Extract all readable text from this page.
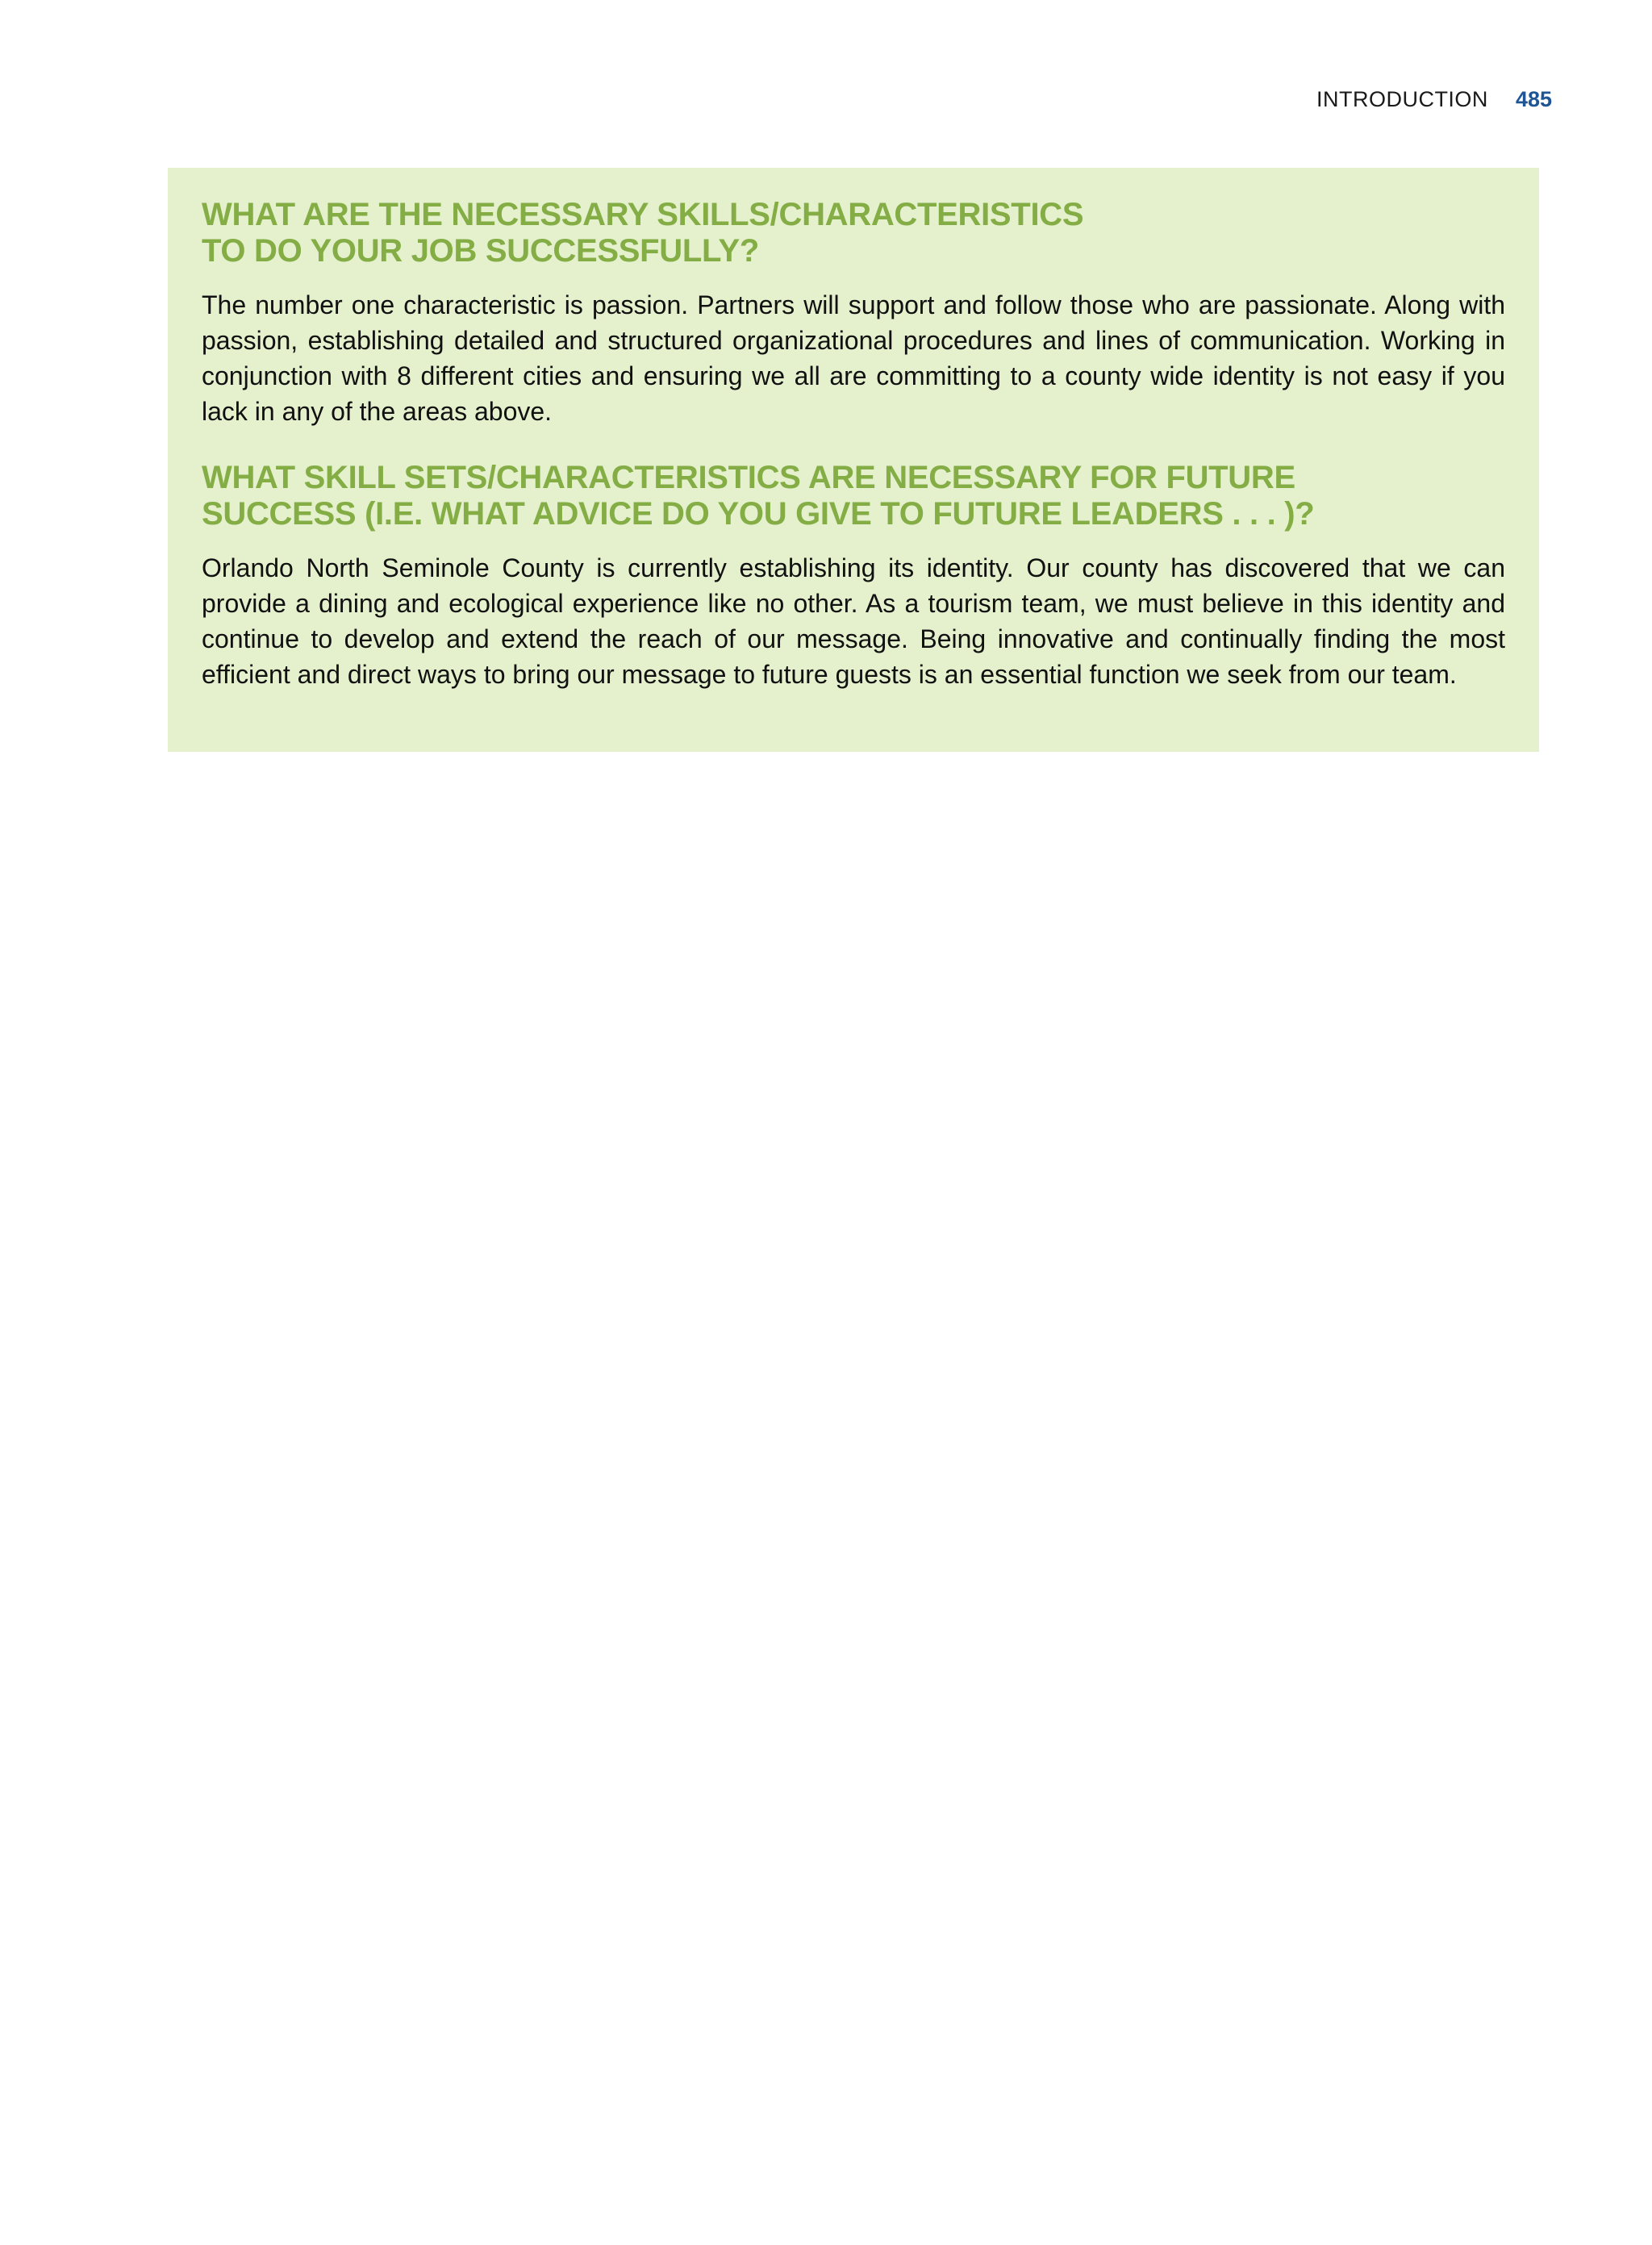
INTRODUCTION 485
WHAT ARE THE NECESSARY SKILLS/CHARACTERISTICS
TO DO YOUR JOB SUCCESSFULLY?

The number one characteristic is passion. Partners will support and follow those who are passionate. Along with passion, establishing detailed and structured organizational procedures and lines of communication. Working in conjunction with 8 different cities and ensuring we all are committing to a county wide identity is not easy if you lack in any of the areas above.

WHAT SKILL SETS/CHARACTERISTICS ARE NECESSARY FOR FUTURE
SUCCESS (I.E. WHAT ADVICE DO YOU GIVE TO FUTURE LEADERS . . . )?

Orlando North Seminole County is currently establishing its identity. Our county has discovered that we can provide a dining and ecological experience like no other. As a tourism team, we must believe in this identity and continue to develop and extend the reach of our message. Being innovative and continually finding the most efficient and direct ways to bring our message to future guests is an essential function we seek from our team.
